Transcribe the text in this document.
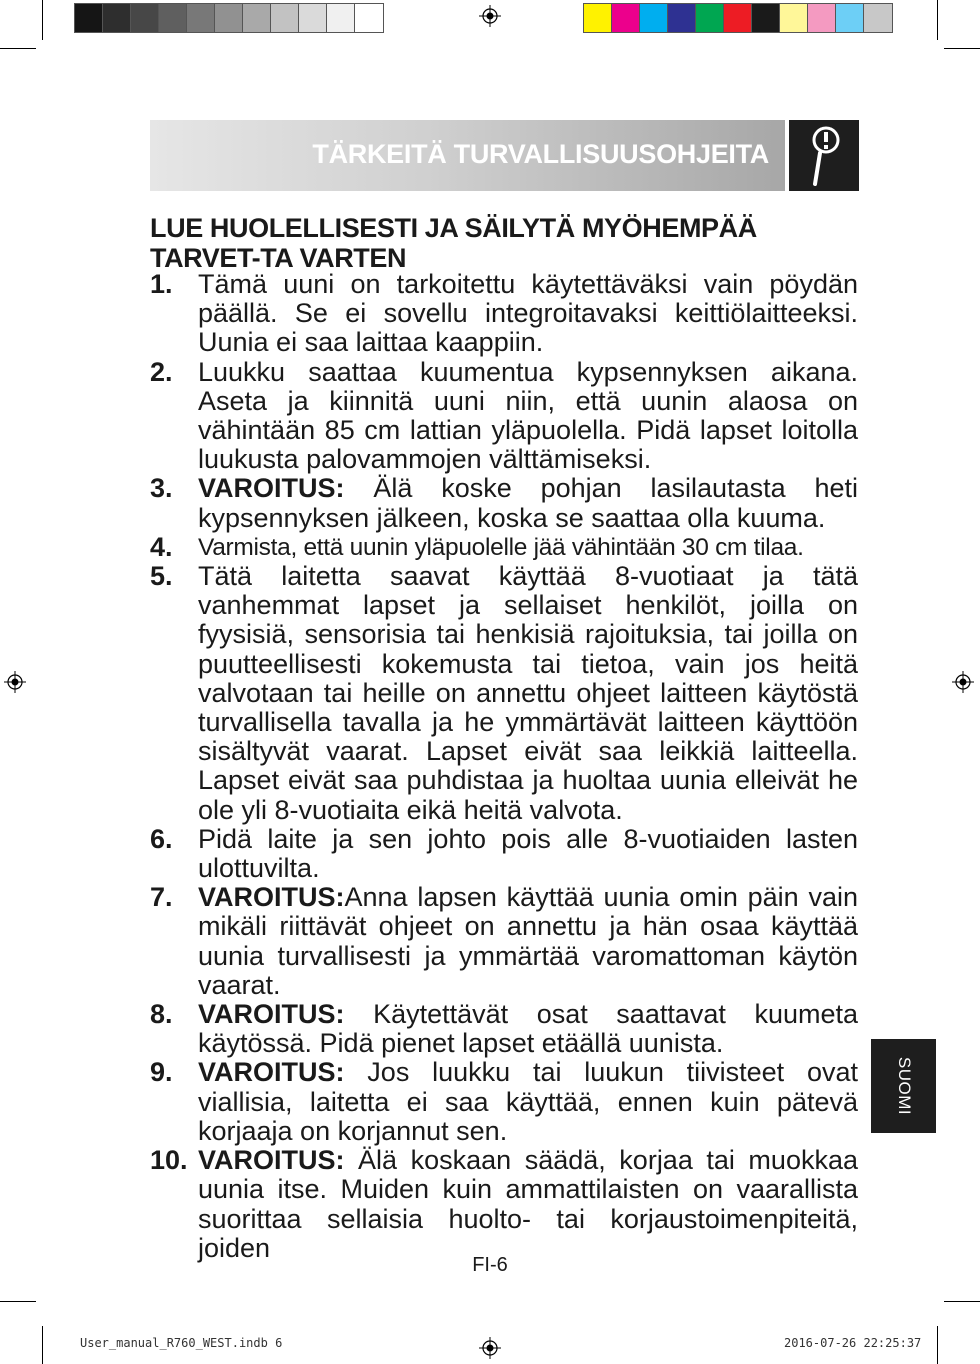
TÄRKEITÄ TURVALLISUUSOHJEITA
LUE HUOLELLISESTI JA SÄILYTÄ MYÖHEMPÄÄ TARVET-TA VARTEN
1. Tämä uuni on tarkoitettu käytettäväksi vain pöydän päällä. Se ei sovellu integroitavaksi keittiölaitteeksi. Uunia ei saa laittaa kaappiin.
2. Luukku saattaa kuumentua kypsennyksen aikana. Aseta ja kiinnitä uuni niin, että uunin alaosa on vähintään 85 cm lattian yläpuolella. Pidä lapset loitolla luukusta palovammojen välttämiseksi.
3. VAROITUS: Älä koske pohjan lasilautasta heti kypsennyksen jälkeen, koska se saattaa olla kuuma.
4. Varmista, että uunin yläpuolelle jää vähintään 30 cm tilaa.
5. Tätä laitetta saavat käyttää 8-vuotiaat ja tätä vanhemmat lapset ja sellaiset henkilöt, joilla on fyysisiä, sensorisia tai henkisiä rajoituksia, tai joilla on puutteellisesti kokemusta tai tietoa, vain jos heitä valvotaan tai heille on annettu ohjeet laitteen käytöstä turvallisella tavalla ja he ymmärtävät laitteen käyttöön sisältyvät vaarat. Lapset eivät saa leikkiä laitteella. Lapset eivät saa puhdistaa ja huoltaa uunia elleivät he ole yli 8-vuotiaita eikä heitä valvota.
6. Pidä laite ja sen johto pois alle 8-vuotiaiden lasten ulottuvilta.
7. VAROITUS:Anna lapsen käyttää uunia omin päin vain mikäli riittävät ohjeet on annettu ja hän osaa käyttää uunia turvallisesti ja ymmärtää varomattoman käytön vaarat.
8. VAROITUS: Käytettävät osat saattavat kuumeta käytössä. Pidä pienet lapset etäällä uunista.
9. VAROITUS: Jos luukku tai luukun tiivisteet ovat viallisia, laitetta ei saa käyttää, ennen kuin pätevä korjaaja on korjannut sen.
10. VAROITUS: Älä koskaan säädä, korjaa tai muokkaa uunia itse. Muiden kuin ammattilaisten on vaarallista suorittaa sellaisia huolto- tai korjaustoimenpiteitä, joiden
SUOMI
FI-6
User_manual_R760_WEST.indb 6	2016-07-26 22:25:37
